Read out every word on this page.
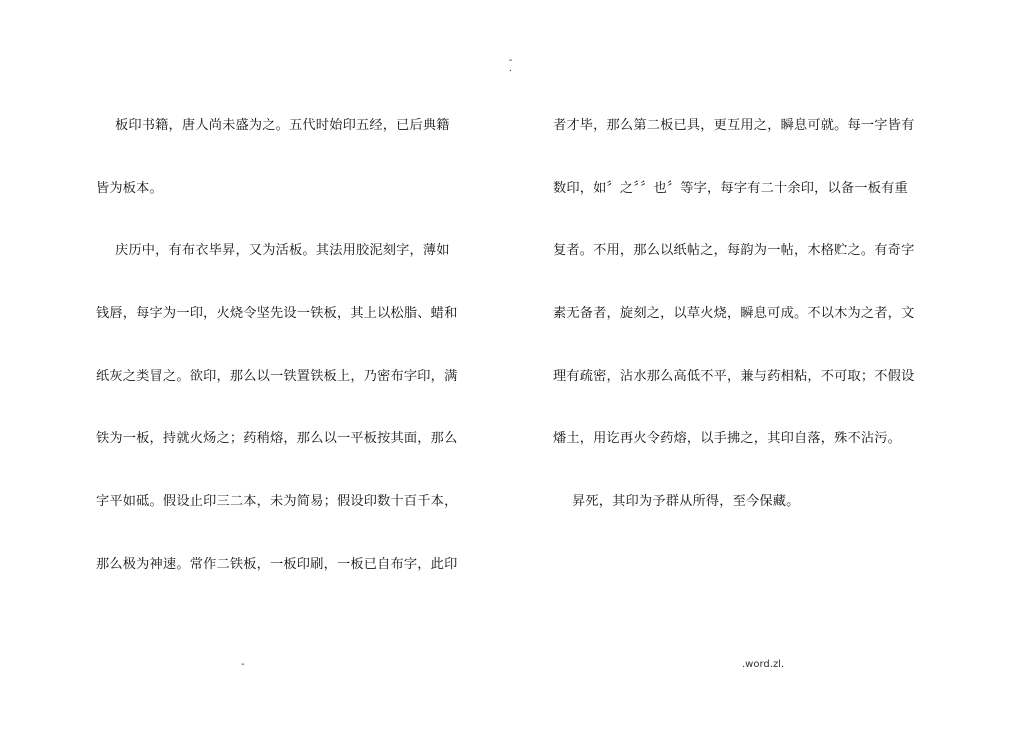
-
.
板印书籍，唐人尚未盛为之。五代时始印五经，已后典籍
皆为板本。
庆历中，有布衣毕昇，又为活板。其法用胶泥刻字，薄如
钱唇，每字为一印，火烧令坚先设一铁板，其上以松脂、蜡和
纸灰之类冒之。欲印，那么以一铁置铁板上，乃密布字印，满
铁为一板，持就火炀之；药稍熔，那么以一平板按其面，那么
字平如砥。假设止印三二本，未为简易；假设印数十百千本，
那么极为神速。常作二铁板，一板印刷，一板已自布字，此印
者才毕，那么第二板已具，更互用之，瞬息可就。每一字皆有
数印，如〞之〞〞也〞等字，每字有二十余印，以备一板有重
复者。不用，那么以纸帖之，每韵为一帖，木格贮之。有奇字
素无备者，旋刻之，以草火烧，瞬息可成。不以木为之者，文
理有疏密，沾水那么高低不平，兼与药相粘，不可取；不假设
燔土，用讫再火令药熔，以手拂之，其印自落，殊不沾污。
昇死，其印为予群从所得，至今保藏。
-	.word.zl.
